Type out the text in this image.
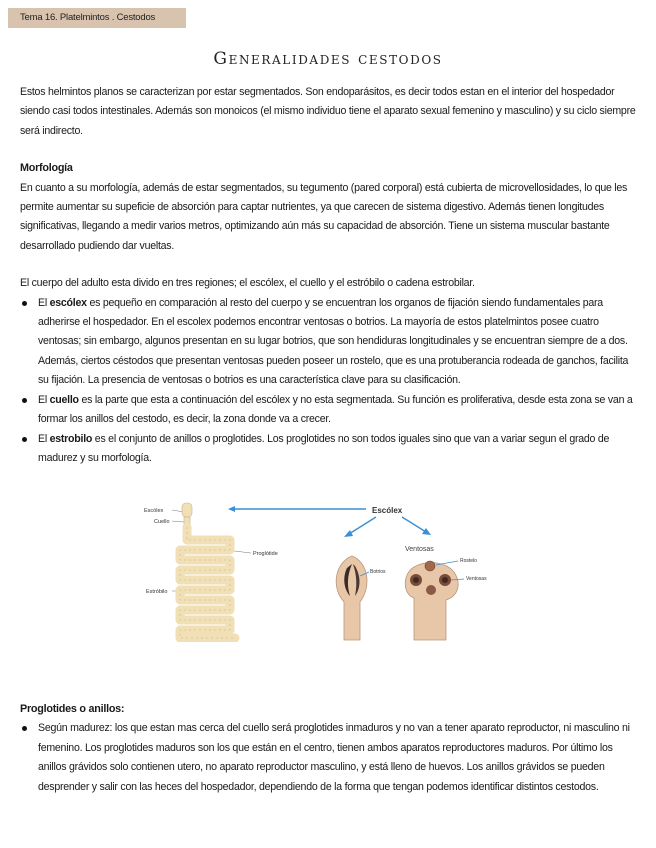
Tema 16. Platelmintos . Cestodos
Generalidades cestodos

Estos helmintos planos se caracterizan por estar segmentados. Son endoparásitos, es decir todos estan en el interior del hospedador siendo casi todos intestinales. Además son monoicos (el mismo individuo tiene el aparato sexual femenino y masculino) y su ciclo siempre será indirecto.

Morfología

En cuanto a su morfología, además de estar segmentados, su tegumento (pared corporal) está cubierta de microvellosidades, lo que les permite aumentar su supeficie de absorción para captar nutrientes, ya que carecen de sistema digestivo. Además tienen longitudes significativas, llegando a medir varios metros, optimizando aún más su capacidad de absorción. Tiene un sistema muscular bastante desarrollado pudiendo dar vueltas.

El cuerpo del adulto esta divido en tres regiones; el escólex, el cuello y el estróbilo o cadena estrobilar.

El escólex es pequeño en comparación al resto del cuerpo y se encuentran los organos de fijación siendo fundamentales para adherirse el hospedador. En el escolex podemos encontrar ventosas o botrios. La mayoría de estos platelmintos posee cuatro ventosas; sin embargo, algunos presentan en su lugar botrios, que son hendiduras longitudinales y se encuentran siempre de a dos. Además, ciertos céstodos que presentan ventosas pueden poseer un rostelo, que es una protuberancia rodeada de ganchos, facilita su fijación. La presencia de ventosas o botrios es una característica clave para su clasificación.
El cuello es la parte que esta a continuación del escólex y no esta segmentada. Su función es proliferativa, desde esta zona se van a formar los anillos del cestodo, es decir, la zona donde va a crecer.
El estrobilo es el conjunto de anillos o proglotides. Los proglotides no son todos iguales sino que van a variar segun el grado de madurez y su morfología.
Escólex
Cuello
Estróbilo
Proglótide
Escólex
Botrios
Ventosas
Rostelo
Ventosas

Proglotides o anillos:

Según madurez: los que estan mas cerca del cuello será proglotides inmaduros y no van a tener aparato reproductor, ni masculino ni femenino. Los proglotides maduros son los que están en el centro, tienen ambos aparatos reproductores maduros. Por último los anillos grávidos solo contienen utero, no aparato reproductor masculino, y está lleno de huevos. Los anillos grávidos se pueden desprender y salir con las heces del hospedador, dependiendo de la forma que tengan podemos identificar distintos cestodos.
